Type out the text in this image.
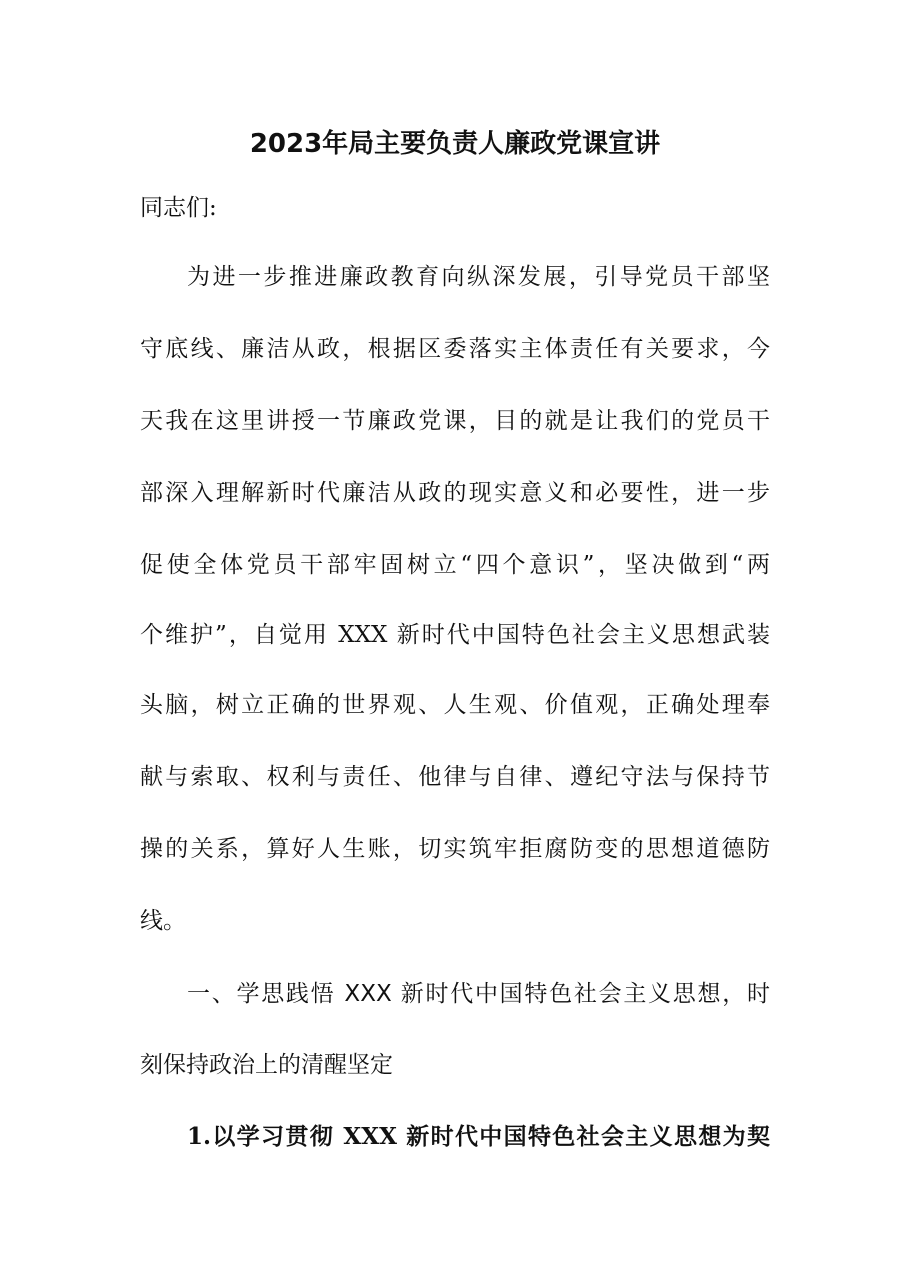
2023年局主要负责人廉政党课宣讲
同志们:
为进一步推进廉政教育向纵深发展，引导党员干部坚
守底线、廉洁从政，根据区委落实主体责任有关要求，今
天我在这里讲授一节廉政党课，目的就是让我们的党员干
部深入理解新时代廉洁从政的现实意义和必要性，进一步
促使全体党员干部牢固树立“四个意识”，坚决做到“两
个维护”，自觉用 XXX 新时代中国特色社会主义思想武装
头脑，树立正确的世界观、人生观、价值观，正确处理奉
献与索取、权利与责任、他律与自律、遵纪守法与保持节
操的关系，算好人生账，切实筑牢拒腐防变的思想道德防
线。
一、学思践悟 XXX 新时代中国特色社会主义思想，时
刻保持政治上的清醒坚定
1.以学习贯彻 XXX 新时代中国特色社会主义思想为契
